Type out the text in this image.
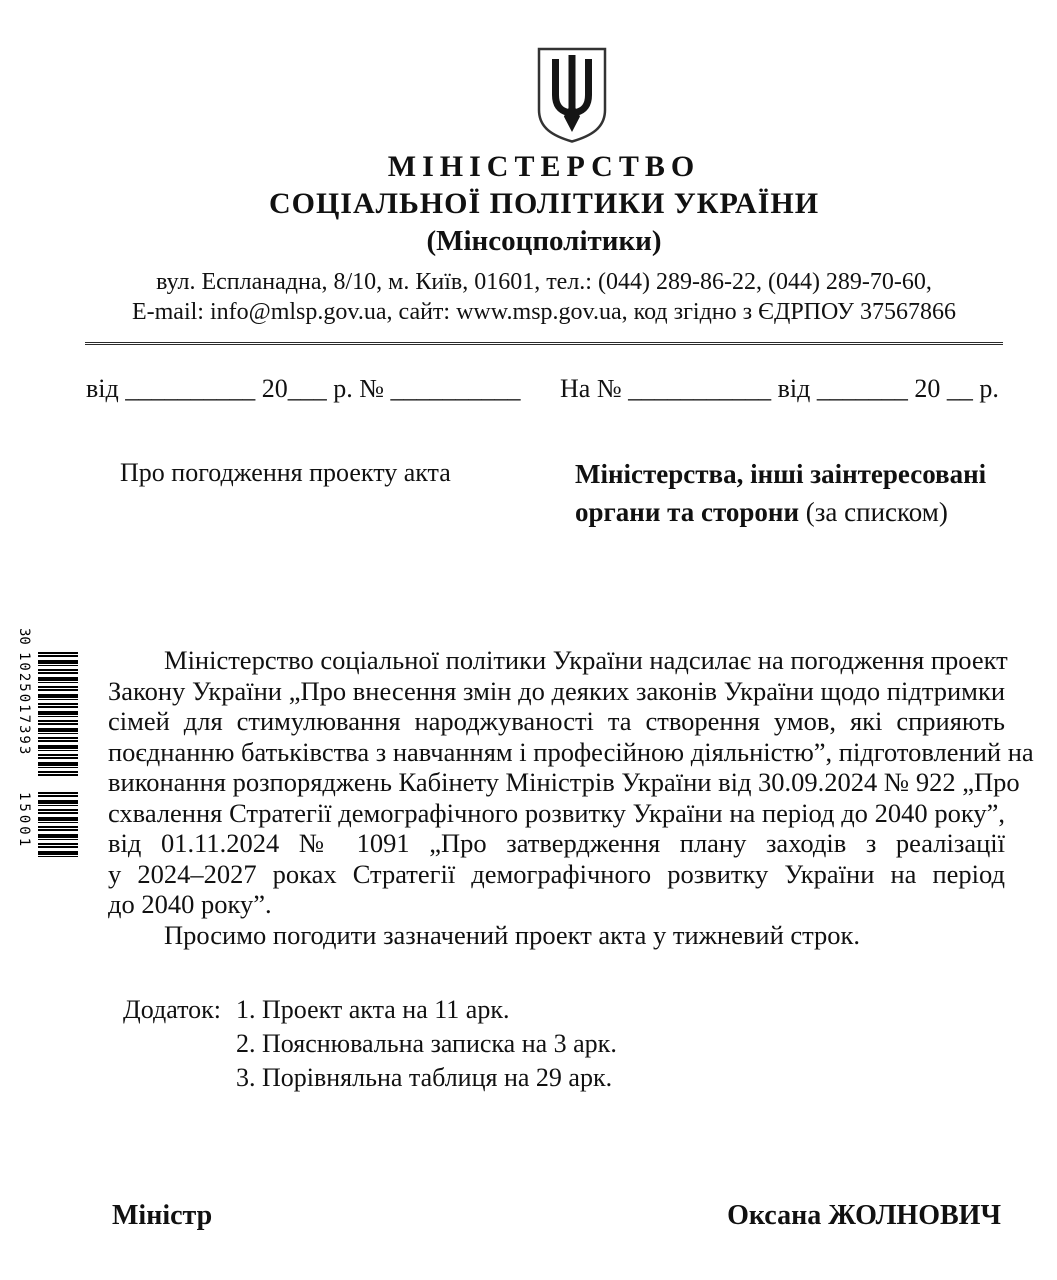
МІНІСТЕРСТВО
СОЦІАЛЬНОЇ ПОЛІТИКИ УКРАЇНИ
(Мінсоцполітики)
вул. Еспланадна, 8/10, м. Київ, 01601, тел.: (044) 289-86-22, (044) 289-70-60,
E-mail: info@mlsp.gov.ua, сайт: www.msp.gov.ua, код згідно з ЄДРПОУ 37567866
від __________ 20___ р. № __________ На № ___________ від _______ 20 __ р.
Про погодження проекту акта	Міністерства, інші заінтересовані
органи та сторони (за списком)
Міністерство соціальної політики України надсилає на погодження проект
Закону України „Про внесення змін до деяких законів України щодо підтримки
сімей для стимулювання народжуваності та створення умов, які сприяють
поєднанню батьківства з навчанням і професійною діяльністю”, підготовлений на
виконання розпоряджень Кабінету Міністрів України від 30.09.2024 № 922 „Про
схвалення Стратегії демографічного розвитку України на період до 2040 року”,
від 01.11.2024 № 1091 „Про затвердження плану заходів з реалізації
у 2024–2027 роках Стратегії демографічного розвитку України на період
до 2040 року”.
Просимо погодити зазначений проект акта у тижневий строк.
Додаток: 1. Проект акта на 11 арк.
2. Пояснювальна записка на 3 арк.
3. Порівняльна таблиця на 29 арк.
Міністр	Оксана ЖОЛНОВИЧ
30
1025017393
15001
